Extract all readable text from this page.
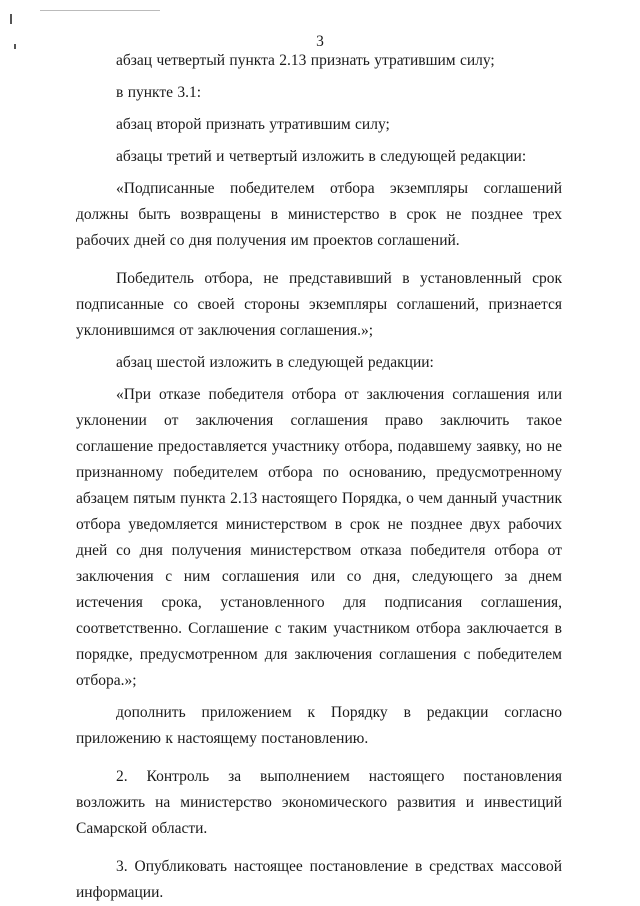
3

абзац четвертый пункта 2.13 признать утратившим силу;

в пункте 3.1:

абзац второй признать утратившим силу;

абзацы третий и четвертый изложить в следующей редакции:

«Подписанные победителем отбора экземпляры соглашений должны быть возвращены в министерство в срок не позднее трех рабочих дней со дня получения им проектов соглашений.

Победитель отбора, не представивший в установленный срок подписанные со своей стороны экземпляры соглашений, признается уклонившимся от заключения соглашения.»;

абзац шестой изложить в следующей редакции:

«При отказе победителя отбора от заключения соглашения или уклонении от заключения соглашения право заключить такое соглашение предоставляется участнику отбора, подавшему заявку, но не признанному победителем отбора по основанию, предусмотренному абзацем пятым пункта 2.13 настоящего Порядка, о чем данный участник отбора уведомляется министерством в срок не позднее двух рабочих дней со дня получения министерством отказа победителя отбора от заключения с ним соглашения или со дня, следующего за днем истечения срока, установленного для подписания соглашения, соответственно. Соглашение с таким участником отбора заключается в порядке, предусмотренном для заключения соглашения с победителем отбора.»;

дополнить приложением к Порядку в редакции согласно приложению к настоящему постановлению.

2. Контроль за выполнением настоящего постановления возложить на министерство экономического развития и инвестиций Самарской области.

3. Опубликовать настоящее постановление в средствах массовой информации.
